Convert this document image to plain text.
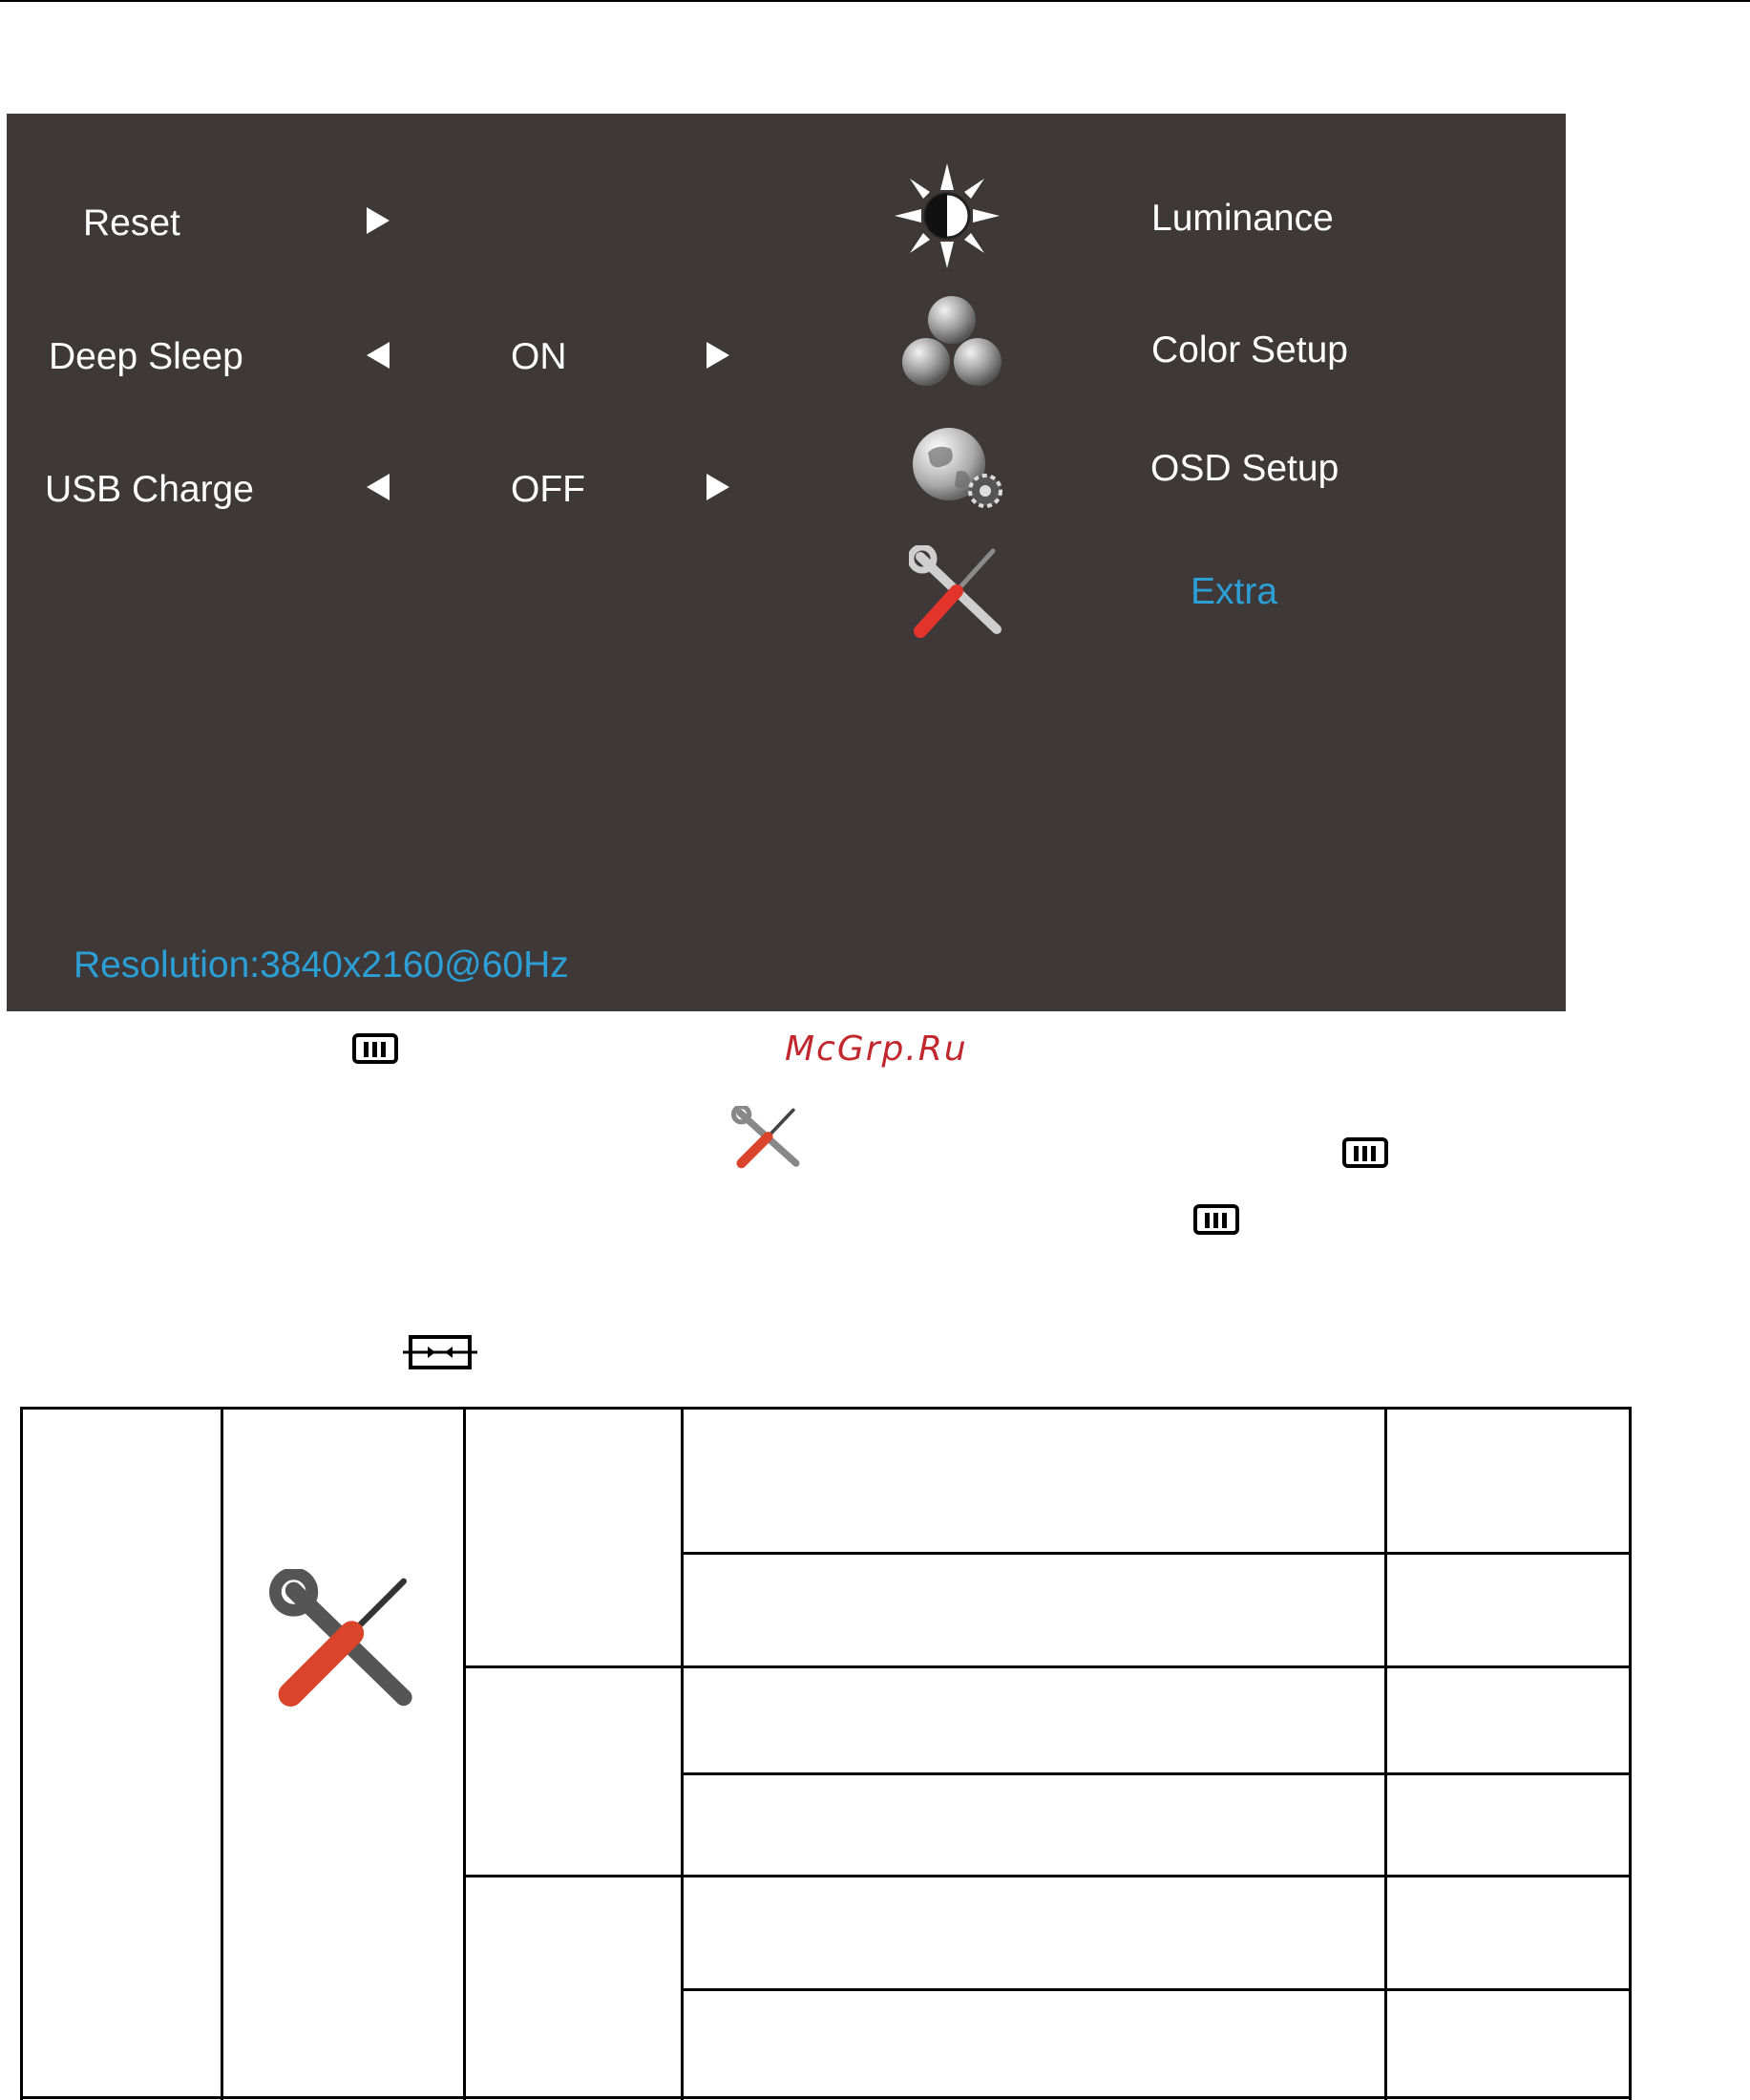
Reset
Deep Sleep	ON
USB Charge	OFF
Luminance
Color Setup
OSD Setup
Extra
Resolution:3840x2160@60Hz
McGrp.Ru
